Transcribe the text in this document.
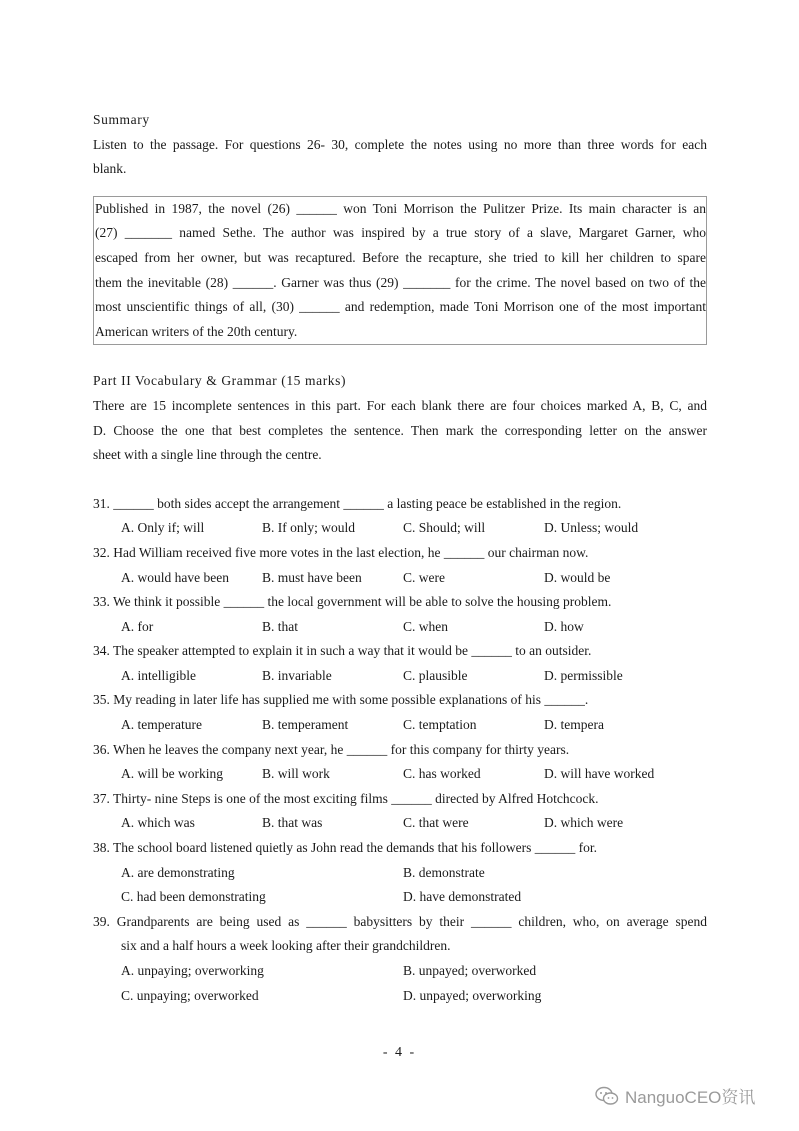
Summary
Listen to the passage. For questions 26- 30, complete the notes using no more than three words for each
blank.
Published in 1987, the novel (26) ______ won Toni Morrison the Pulitzer Prize. Its main character is an
(27) _______ named Sethe. The author was inspired by a true story of a slave, Margaret Garner, who
escaped from her owner, but was recaptured. Before the recapture, she tried to kill her children to spare
them the inevitable (28) ______. Garner was thus (29) _______ for the crime. The novel based on two of the
most unscientific things of all, (30) ______ and redemption, made Toni Morrison one of the most important
American writers of the 20th century.
Part II Vocabulary & Grammar (15 marks)
There are 15 incomplete sentences in this part. For each blank there are four choices marked A, B, C, and
D. Choose the one that best completes the sentence. Then mark the corresponding letter on the answer
sheet with a single line through the centre.
31. ______ both sides accept the arrangement ______ a lasting peace be established in the region.
A. Only if; will	B. If only; would	C. Should; will	D. Unless; would
32. Had William received five more votes in the last election, he ______ our chairman now.
A. would have been	B. must have been	C. were	D. would be
33. We think it possible ______ the local government will be able to solve the housing problem.
A. for	B. that	C. when	D. how
34. The speaker attempted to explain it in such a way that it would be ______ to an outsider.
A. intelligible	B. invariable	C. plausible	D. permissible
35. My reading in later life has supplied me with some possible explanations of his ______.
A. temperature	B. temperament	C. temptation	D. tempera
36. When he leaves the company next year, he ______ for this company for thirty years.
A. will be working	B. will work	C. has worked	D. will have worked
37. Thirty- nine Steps is one of the most exciting films ______ directed by Alfred Hotchcock.
A. which was	B. that was	C. that were	D. which were
38. The school board listened quietly as John read the demands that his followers ______ for.
A. are demonstrating	B. demonstrate
C. had been demonstrating	D. have demonstrated
39. Grandparents are being used as ______ babysitters by their ______ children, who, on average spend
six and a half hours a week looking after their grandchildren.
A. unpaying; overworking	B. unpayed; overworked
C. unpaying; overworked	D. unpayed; overworking
- 4 -
NanguoCEO资讯
